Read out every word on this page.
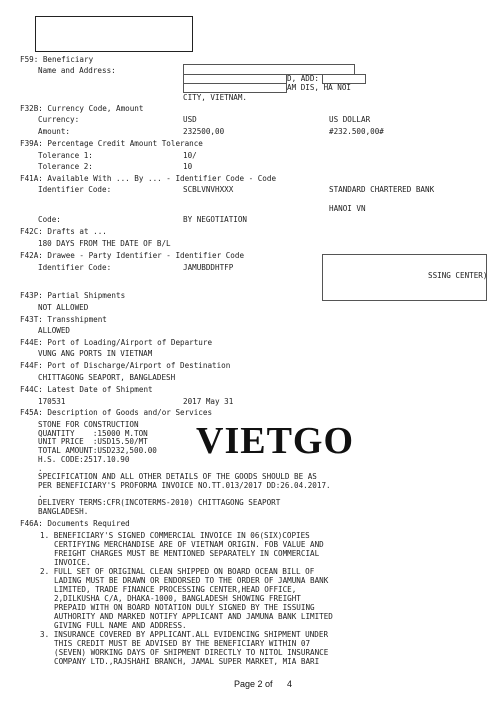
F59: Beneficiary
Name and Address:
D, ADD:
AM DIS, HA NOI
CITY, VIETNAM.
F32B: Currency Code, Amount
Currency:	USD	US DOLLAR
Amount:	232500,00	#232.500,00#
F39A: Percentage Credit Amount Tolerance
Tolerance 1:	10/
Tolerance 2:	10
F41A: Available With ... By ... - Identifier Code - Code
Identifier Code:	SCBLVNVHXXX	STANDARD CHARTERED BANK
HANOI VN
Code:	BY NEGOTIATION
F42C: Drafts at ...
180 DAYS FROM THE DATE OF B/L
F42A: Drawee - Party Identifier - Identifier Code
Identifier Code:	JAMUBDDHTFP
SSING CENTER)
F43P: Partial Shipments
NOT ALLOWED
F43T: Transshipment
ALLOWED
F44E: Port of Loading/Airport of Departure
VUNG ANG PORTS IN VIETNAM
F44F: Port of Discharge/Airport of Destination
CHITTAGONG SEAPORT, BANGLADESH
F44C: Latest Date of Shipment
170531	2017 May 31
F45A: Description of Goods and/or Services
STONE FOR CONSTRUCTION
QUANTITY    :15000 M.TON
UNIT PRICE  :USD15.50/MT
TOTAL AMOUNT:USD232,500.00
H.S. CODE:2517.10.90
.
SPECIFICATION AND ALL OTHER DETAILS OF THE GOODS SHOULD BE AS
PER BENEFICIARY'S PROFORMA INVOICE NO.TT.013/2017 DD:26.04.2017.
.
DELIVERY TERMS:CFR(INCOTERMS-2010) CHITTAGONG SEAPORT
BANGLADESH.
F46A: Documents Required
1. BENEFICIARY'S SIGNED COMMERCIAL INVOICE IN 06(SIX)COPIES
CERTIFYING MERCHANDISE ARE OF VIETNAM ORIGIN. FOB VALUE AND
FREIGHT CHARGES MUST BE MENTIONED SEPARATELY IN COMMERCIAL
INVOICE.
2. FULL SET OF ORIGINAL CLEAN SHIPPED ON BOARD OCEAN BILL OF
LADING MUST BE DRAWN OR ENDORSED TO THE ORDER OF JAMUNA BANK
LIMITED, TRADE FINANCE PROCESSING CENTER,HEAD OFFICE,
2,DILKUSHA C/A, DHAKA-1000, BANGLADESH SHOWING FREIGHT
PREPAID WITH ON BOARD NOTATION DULY SIGNED BY THE ISSUING
AUTHORITY AND MARKED NOTIFY APPLICANT AND JAMUNA BANK LIMITED
GIVING FULL NAME AND ADDRESS.
3. INSURANCE COVERED BY APPLICANT.ALL EVIDENCING SHIPMENT UNDER
THIS CREDIT MUST BE ADVISED BY THE BENEFICIARY WITHIN 07
(SEVEN) WORKING DAYS OF SHIPMENT DIRECTLY TO NITOL INSURANCE
COMPANY LTD.,RAJSHAHI BRANCH, JAMAL SUPER MARKET, MIA BARI
VIETGO
Page 2 of 4
